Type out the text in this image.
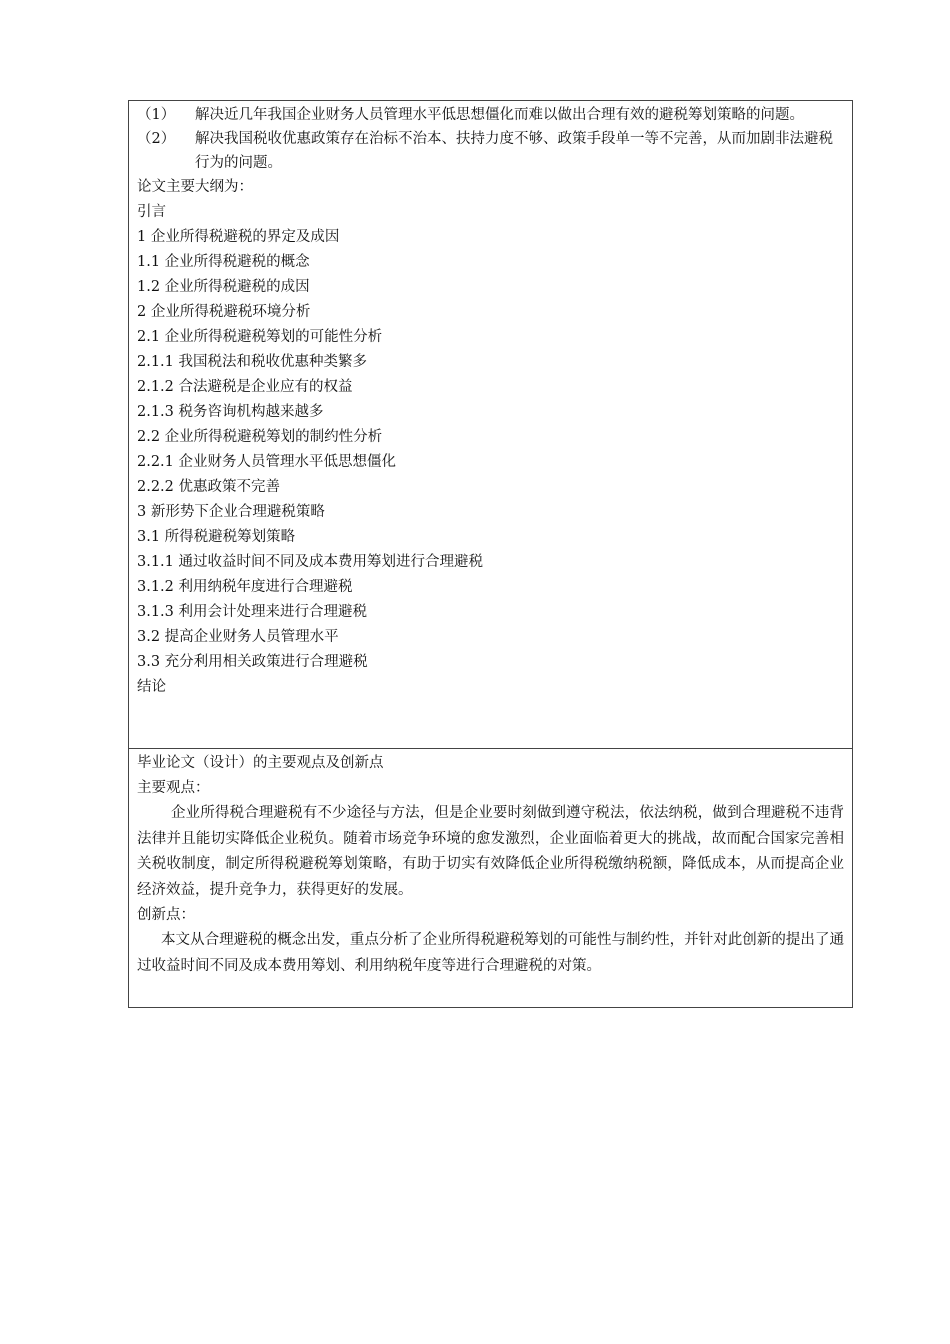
（1）	解决近几年我国企业财务人员管理水平低思想僵化而难以做出合理有效的避税筹划策略的问题。
（2）	解决我国税收优惠政策存在治标不治本、扶持力度不够、政策手段单一等不完善，从而加剧非法避税行为的问题。
论文主要大纲为：
引言
1 企业所得税避税的界定及成因
1.1 企业所得税避税的概念
1.2 企业所得税避税的成因
2 企业所得税避税环境分析
2.1 企业所得税避税筹划的可能性分析
2.1.1 我国税法和税收优惠种类繁多
2.1.2 合法避税是企业应有的权益
2.1.3 税务咨询机构越来越多
2.2 企业所得税避税筹划的制约性分析
2.2.1 企业财务人员管理水平低思想僵化
2.2.2 优惠政策不完善
3 新形势下企业合理避税策略
3.1 所得税避税筹划策略
3.1.1 通过收益时间不同及成本费用筹划进行合理避税
3.1.2 利用纳税年度进行合理避税
3.1.3 利用会计处理来进行合理避税
3.2 提高企业财务人员管理水平
3.3 充分利用相关政策进行合理避税
结论
毕业论文（设计）的主要观点及创新点
主要观点：
企业所得税合理避税有不少途径与方法，但是企业要时刻做到遵守税法，依法纳税，做到合理避税不违背法律并且能切实降低企业税负。随着市场竞争环境的愈发激烈，企业面临着更大的挑战，故而配合国家完善相关税收制度，制定所得税避税筹划策略，有助于切实有效降低企业所得税缴纳税额，降低成本，从而提高企业经济效益，提升竞争力，获得更好的发展。
创新点：
本文从合理避税的概念出发，重点分析了企业所得税避税筹划的可能性与制约性，并针对此创新的提出了通过收益时间不同及成本费用筹划、利用纳税年度等进行合理避税的对策。
